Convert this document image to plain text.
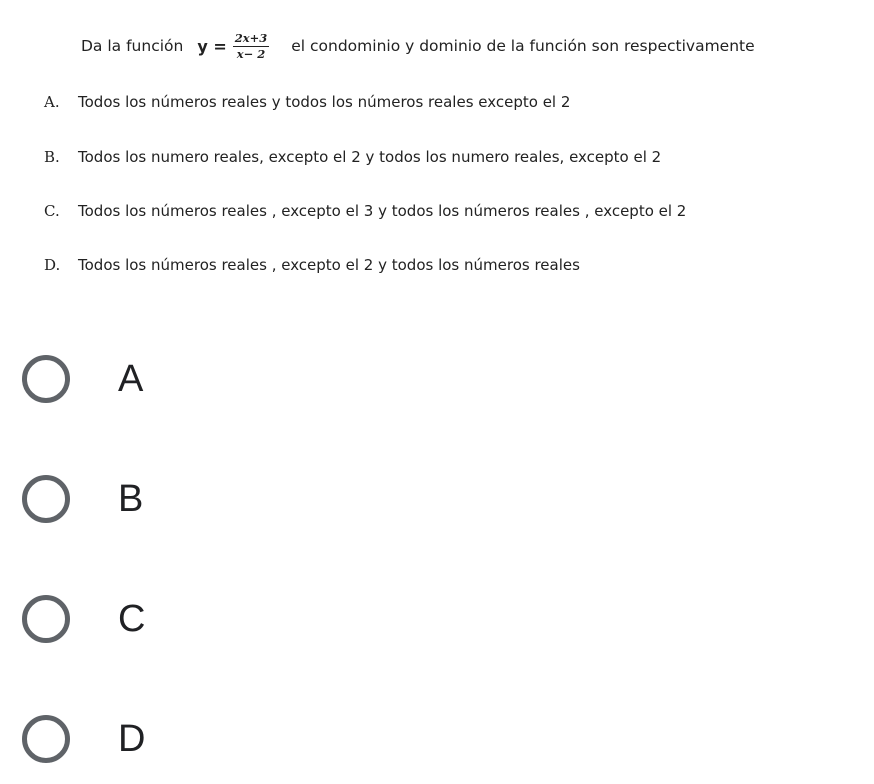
Da la función $y = \frac{2x+3}{x- 2}$ el condominio y dominio de la función son respectivamente
A.	Todos los números reales y todos los números reales excepto el 2
B.	Todos los numero reales, excepto el 2 y todos los numero reales, excepto el 2
C.	Todos los números reales , excepto el 3 y todos los números reales , excepto el 2
D.	Todos los números reales , excepto el 2 y todos los números reales
A
B
C
D
